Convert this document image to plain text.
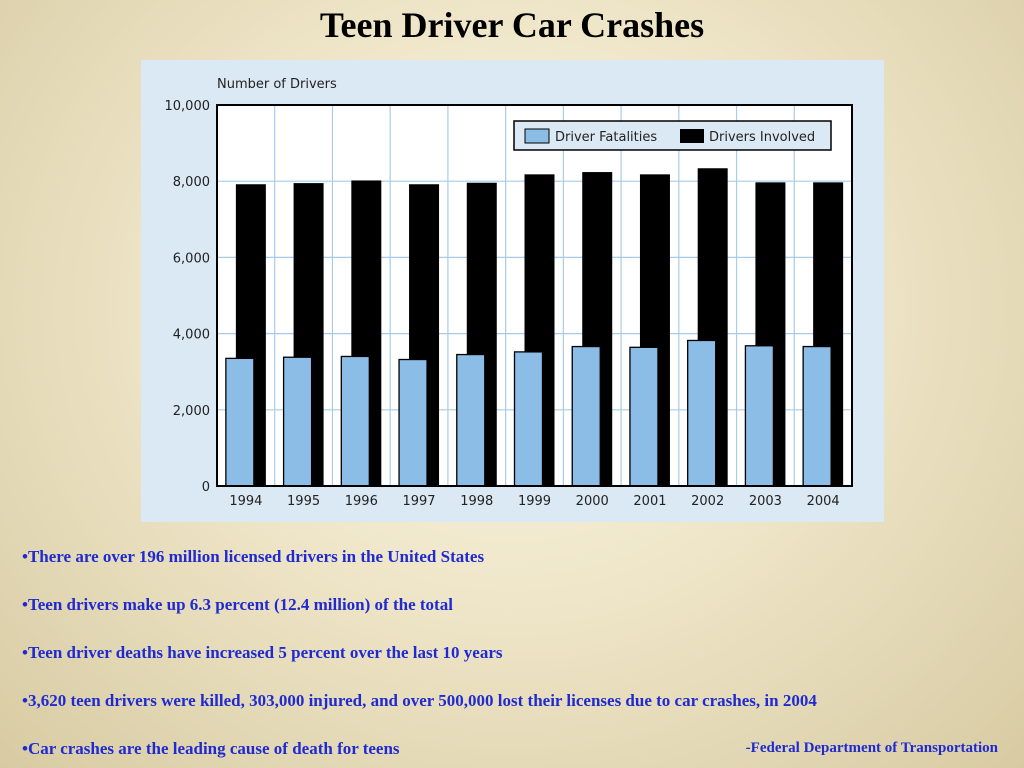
Teen Driver Car Crashes
0
2,000
4,000
6,000
8,000
10,000
1994 1995 1996 1997 1998 1999 2000 2001 2002 2003 2004
Number of Drivers
Driver Fatalities	Drivers Involved
•There are over 196 million licensed drivers in the United States
•Teen drivers make up 6.3 percent (12.4 million) of the total
•Teen driver deaths have increased 5 percent over the last 10 years
•3,620 teen drivers were killed, 303,000 injured, and over 500,000 lost their licenses due to car crashes, in 2004
•Car crashes are the leading cause of death for teens	-Federal Department of Transportation
